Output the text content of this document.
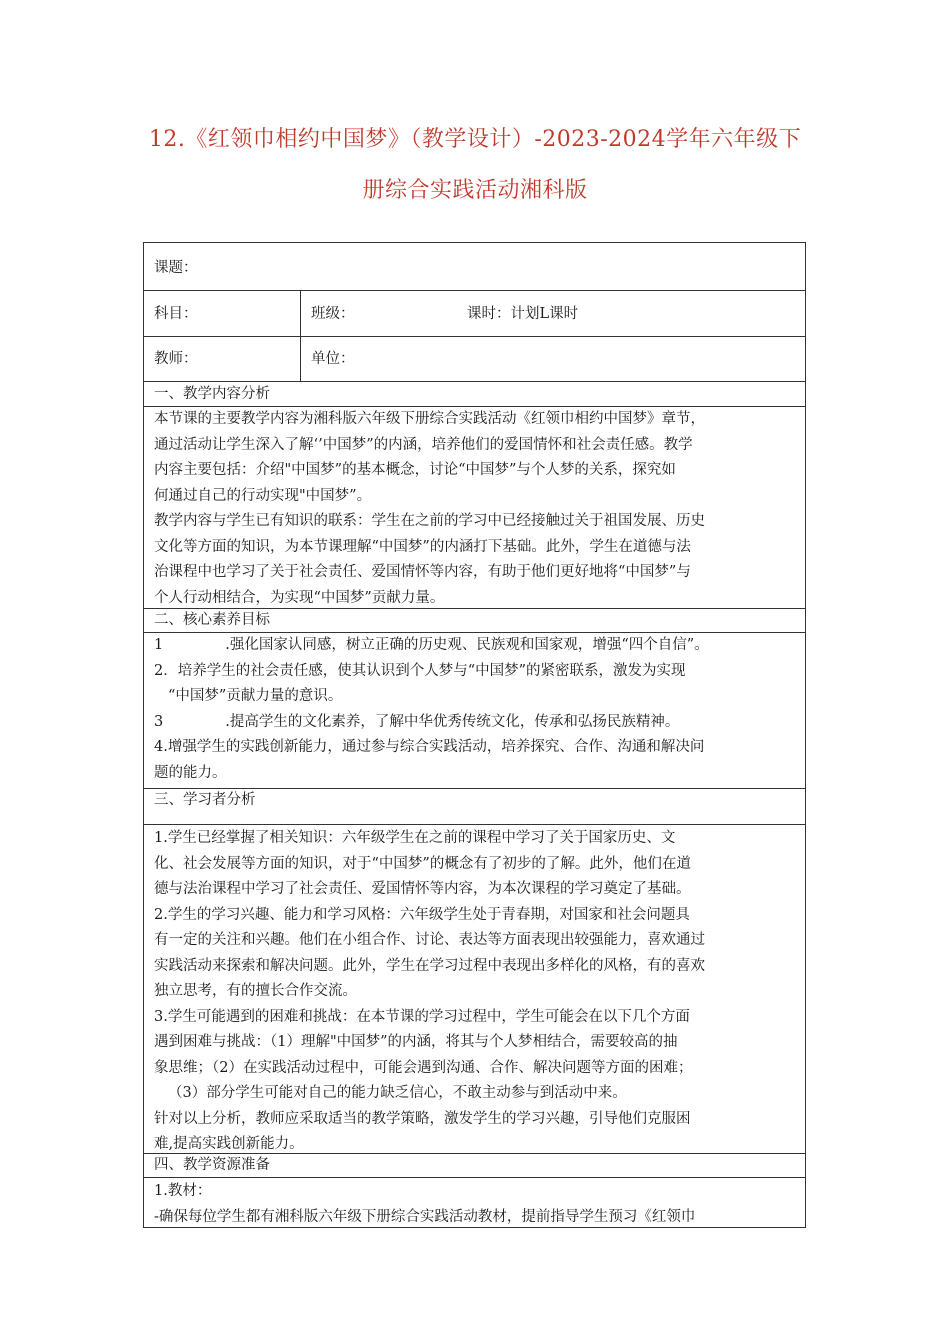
12.《红领巾相约中国梦》（教学设计）-2023-2024学年六年级下
册综合实践活动湘科版
课题：
科目：	班级：	课时：计划L课时
教师：	单位：
一、教学内容分析
本节课的主要教学内容为湘科版六年级下册综合实践活动《红领巾相约中国梦》章节，
通过活动让学生深入了解‘’中国梦”的内涵，培养他们的爱国情怀和社会责任感。教学
内容主要包括：介绍"中国梦”的基本概念，讨论“中国梦”与个人梦的关系，探究如
何通过自己的行动实现"中国梦”。
教学内容与学生已有知识的联系：学生在之前的学习中已经接触过关于祖国发展、历史
文化等方面的知识，为本节课理解“中国梦”的内涵打下基础。此外，学生在道德与法
治课程中也学习了关于社会责任、爱国情怀等内容，有助于他们更好地将“中国梦”与
个人行动相结合，为实现“中国梦”贡献力量。
二、核心素养目标
1	.强化国家认同感，树立正确的历史观、民族观和国家观，增强“四个自信”。
2．培养学生的社会责任感，使其认识到个人梦与“中国梦”的紧密联系，激发为实现
“中国梦”贡献力量的意识。
3	.提高学生的文化素养，了解中华优秀传统文化，传承和弘扬民族精神。
4.增强学生的实践创新能力，通过参与综合实践活动，培养探究、合作、沟通和解决问
题的能力。
三、学习者分析
1.学生已经掌握了相关知识：六年级学生在之前的课程中学习了关于国家历史、文
化、社会发展等方面的知识，对于“中国梦”的概念有了初步的了解。此外，他们在道
德与法治课程中学习了社会责任、爱国情怀等内容，为本次课程的学习奠定了基础。
2.学生的学习兴趣、能力和学习风格：六年级学生处于青春期，对国家和社会问题具
有一定的关注和兴趣。他们在小组合作、讨论、表达等方面表现出较强能力，喜欢通过
实践活动来探索和解决问题。此外，学生在学习过程中表现出多样化的风格，有的喜欢
独立思考，有的擅长合作交流。
3.学生可能遇到的困难和挑战：在本节课的学习过程中，学生可能会在以下几个方面
遇到困难与挑战：（1）理解"中国梦”的内涵，将其与个人梦相结合，需要较高的抽
象思维；（2）在实践活动过程中，可能会遇到沟通、合作、解决问题等方面的困难；
（3）部分学生可能对自己的能力缺乏信心，不敢主动参与到活动中来。
针对以上分析，教师应采取适当的教学策略，激发学生的学习兴趣，引导他们克服困
难,提高实践创新能力。
四、教学资源准备
1.教材：
-确保每位学生都有湘科版六年级下册综合实践活动教材，提前指导学生预习《红领巾
